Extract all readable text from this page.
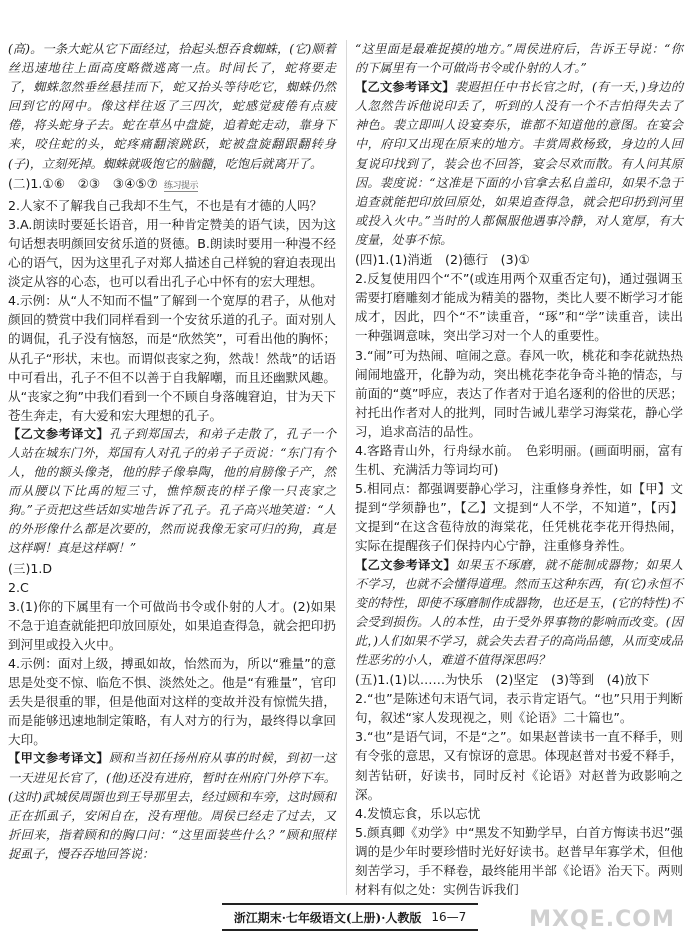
(高)。一条大蛇从它下面经过，拾起头想吞食蜘蛛，(它)顺着丝迅速地往上面高度略微逃离一点。时间长了，蛇将要走了，蜘蛛忽然垂丝悬挂而下，蛇又抬头等待吃它，蜘蛛仍然回到它的网中。像这样往返了三四次，蛇感觉疲倦有点疲倦，将头蛇身子去。蛇在草丛中盘旋，追着蛇走动，靠身下来，咬住蛇的头，蛇疼痛翻滚跳跃，蛇被盘旋翻跟翻转身(子)，立刻死掉。蜘蛛就吸饱它的脑髓，吃饱后就离开了。

(二)1.①⑥　②③　③④⑤⑦ 练习提示

2.人家不了解我自己我却不生气，不也是有才德的人吗？

3.A.朗读时要延长语音，用一种肯定赞美的语气读，因为这句话想表明颜回安贫乐道的贤德。B.朗读时要用一种漫不经心的语气，因为这里孔子对郑人描述自己样貌的窘迫表现出淡定从容的心态，也可以看出孔子心中怀有的宏大理想。

4.示例：从“人不知而不愠”了解到一个宽厚的君子，从他对颜回的赞赏中我们同样看到一个安贫乐道的孔子。面对别人的调侃，孔子没有恼怒，而是“欣然笑”，可看出他的胸怀；从孔子“形状，末也。而谓似丧家之狗，然哉！然哉”的话语中可看出，孔子不但不以善于自我解嘲，而且还幽默风趣。从“丧家之狗”中我们看到一个不顾自身落魄窘迫，甘为天下苍生奔走，有大爱和宏大理想的孔子。

【乙文参考译文】孔子到郑国去，和弟子走散了，孔子一个人站在城东门外，郑国有人对孔子的弟子子贡说：“东门有个人，他的额头像尧，他的脖子像皋陶，他的肩膀像子产，然而从腰以下比禹的短三寸，憔悴颓丧的样子像一只丧家之狗。”子贡把这些话如实地告诉了孔子。孔子高兴地笑道：“人的外形像什么都是次要的，然而说我像无家可归的狗，真是这样啊！真是这样啊！”

(三)1.D

2.C

3.(1)你的下属里有一个可做尚书令或仆射的人才。(2)如果不急于追查就能把印放回原处，如果追查得急，就会把印扔到河里或投入火中。

4.示例：面对上级，搏虱如故，怡然而为，所以“雅量”的意思是处变不惊、临危不惧、淡然处之。他是“有雅量”，官印丢失是很重的罪，但是他面对这样的变故并没有惊慌失措，而是能够迅速地制定策略，有人对方的行为，最终得以拿回大印。

【甲文参考译文】顾和当初任扬州府从事的时候，到初一这一天进见长官了，(他)还没有进府，暂时在州府门外停下车。(这时)武城侯周顗也到王导那里去，经过顾和车旁，这时顾和正在抓虱子，安闲自在，没有理他。周侯已经走了过去，又折回来，指着顾和的胸口问：“这里面装些什么？”顾和照样捉虱子，慢吞吞地回答说：

“这里面是最难捉摸的地方。”周侯进府后，告诉王导说：“你的下属里有一个可做尚书令或仆射的人才。”

【乙文参考译文】裴遐担任中书长官之时，(有一天，)身边的人忽然告诉他说印丢了，听到的人没有一个不吉怕得失去了神色。裴立即叫人设宴奏乐，谁都不知道他的意图。在宴会中，府印又出现在原来的地方。丰赏周救杨致，身边的人回复说印找到了，装会也不回答，宴会尽欢而散。有人问其原因。裴度说：“这准是下面的小官拿去私自盖印，如果不急于追查就能把印放回原处，如果追查得急，就会把印扔到河里或投入火中。”当时的人都佩服他遇事冷静，对人宽厚，有大度量，处事不惊。

(四)1.(1)消逝　(2)德行　(3)①

2.反复使用四个“不”(或连用两个双重否定句)，通过强调玉需要打磨雕刻才能成为精美的器物，类比人要不断学习才能成才，因此，四个“不”读重音，“琢”和“学”读重音，读出一种强调意味，突出学习对一个人的重要性。

3.“闹”可为热闹、喧闹之意。春风一吹，桃花和李花就热热闹闹地盛开，化静为动，突出桃花李花争奇斗艳的情态，与前面的“奠”呼应，表达了作者对于追名逐利的俗世的厌恶；衬托出作者对人的批判，同时告诫儿辈学习海棠花，静心学习，追求高洁的品性。

4.客路青山外，行舟绿水前。　色彩明丽。(画面明丽，富有生机、充满活力等词均可)

5.相同点：都强调要静心学习，注重修身养性，如【甲】文提到“学须静也”，【乙】文提到“人不学，不知道”，【丙】文提到“在这含苞待放的海棠花，任凭桃花李花开得热闹，实际在提醒孩子们保持内心宁静，注重修身养性。

【乙文参考译文】如果玉不琢磨，就不能制成器物；如果人不学习，也就不会懂得道理。然而玉这种东西，有(它)永恒不变的特性，即使不琢磨制作成器物，也还是玉，(它的特性)不会受到损伤。人的本性，由于受外界事物的影响而改变。(因此，)人们如果不学习，就会失去君子的高尚品德，从而变成品性恶劣的小人，难道不值得深思吗？

(五)1.(1)以……为快乐　(2)坚定　(3)等到　(4)放下

2.“也”是陈述句末语气词，表示肯定语气。“也”只用于判断句，叙述“家人发现视之，则《论语》二十篇也”。

3.“也”是语气词，不是“之”。如果赵普读书一直不释手，则有令张的意思，又有惊讶的意思。体现赵普对书爱不释手，刻苦钻研，好读书，同时反衬《论语》对赵普为政影响之深。

4.发愤忘食，乐以忘忧

5.颜真卿《劝学》中“黑发不知勤学早，白首方悔读书迟”强调的是少年时要珍惜时光好好读书。赵普早年寡学术，但他刻苦学习，手不释卷，最终能用半部《论语》治天下。两则材料有似之处：实例告诉我们

浙江期末·七年级语文(上册)·人教版 16—7	MXQE.COM
